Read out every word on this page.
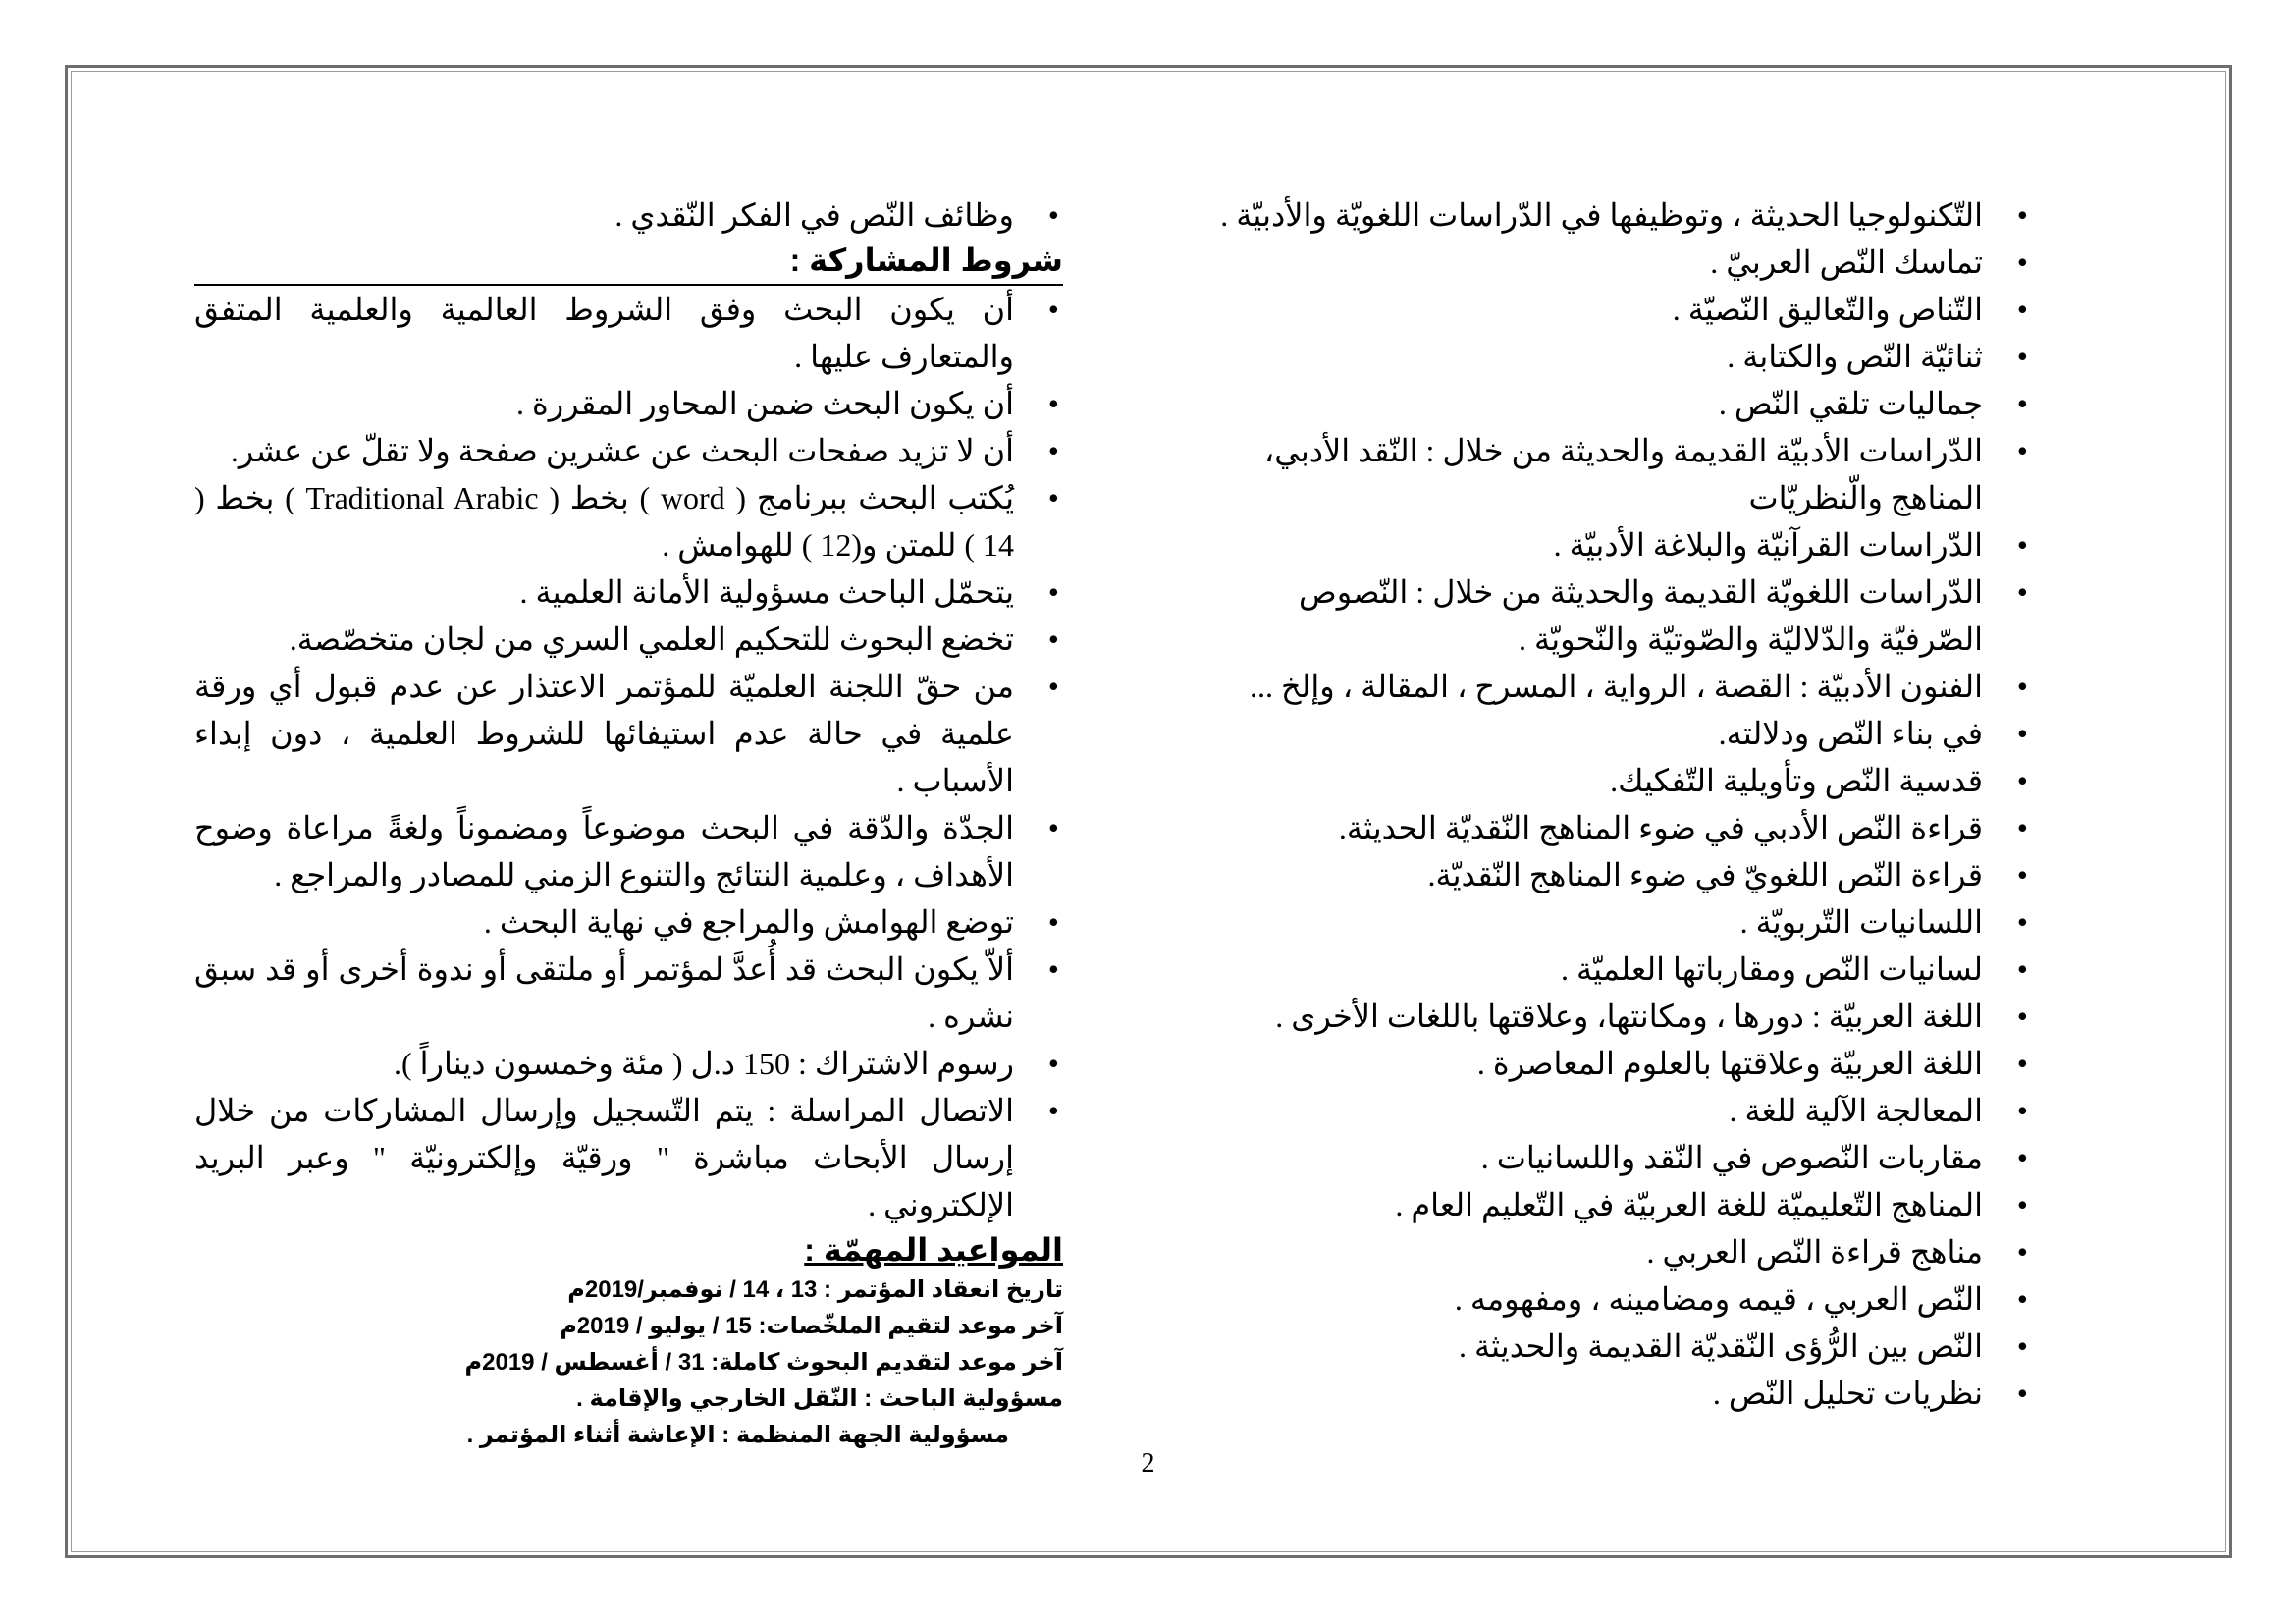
• التّكنولوجيا الحديثة ، وتوظيفها في الدّراسات اللغويّة والأدبيّة .
• تماسك النّص العربيّ .
• التّناص والتّعاليق النّصيّة .
• ثنائيّة النّص والكتابة .
• جماليات تلقي النّص .
• الدّراسات الأدبيّة القديمة والحديثة من خلال : النّقد الأدبي، المناهج والّنظريّات
• الدّراسات القرآنيّة والبلاغة الأدبيّة .
• الدّراسات اللغويّة القديمة والحديثة من خلال : النّصوص الصّرفيّة والدّلاليّة والصّوتيّة والنّحويّة .
• الفنون الأدبيّة : القصة ، الرواية ، المسرح ، المقالة ، وإلخ ...
• في بناء النّص ودلالته.
• قدسية النّص وتأويلية التّفكيك.
• قراءة النّص الأدبي في ضوء المناهج النّقديّة الحديثة.
• قراءة النّص اللغويّ في ضوء المناهج النّقديّة.
• اللسانيات التّربويّة .
• لسانيات النّص ومقارباتها العلميّة .
• اللغة العربيّة : دورها ، ومكانتها، وعلاقتها باللغات الأخرى .
• اللغة العربيّة وعلاقتها بالعلوم المعاصرة .
• المعالجة الآلية للغة .
• مقاربات النّصوص في النّقد واللسانيات .
• المناهج التّعليميّة للغة العربيّة في التّعليم العام .
• مناهج قراءة النّص العربي .
• النّص العربي ، قيمه ومضامينه ، ومفهومه .
• النّص بين الرُّؤى النّقديّة القديمة والحديثة .
• نظريات تحليل النّص .
• وظائف النّص في الفكر النّقدي .
شروط المشاركة :
• أن يكون البحث وفق الشروط العالمية والعلمية المتفق والمتعارف عليها .
• أن يكون البحث ضمن المحاور المقررة .
• أن لا تزيد صفحات البحث عن عشرين صفحة ولا تقلّ عن عشر.
• يُكتب البحث ببرنامج ( word ) بخط ( Traditional Arabic ) بخط ( 14 ) للمتن و(12 ) للهوامش .
• يتحمّل الباحث مسؤولية الأمانة العلمية .
• تخضع البحوث للتحكيم العلمي السري من لجان متخصّصة.
• من حقّ اللجنة العلميّة للمؤتمر الاعتذار عن عدم قبول أي ورقة علمية في حالة عدم استيفائها للشروط العلمية ، دون إبداء الأسباب .
• الجدّة والدّقة في البحث موضوعاً ومضموناً ولغةً مراعاة وضوح الأهداف ، وعلمية النتائج والتنوع الزمني للمصادر والمراجع .
• توضع الهوامش والمراجع في نهاية البحث .
• ألاّ يكون البحث قد أُعدَّ لمؤتمر أو ملتقى أو ندوة أخرى أو قد سبق نشره .
• رسوم الاشتراك : 150 د.ل ( مئة وخمسون ديناراً ).
• الاتصال المراسلة : يتم التّسجيل وإرسال المشاركات من خلال إرسال الأبحاث مباشرة " ورقيّة وإلكترونيّة " وعبر البريد الإلكتروني .
المواعيد المهمّة :
تاريخ انعقاد المؤتمر : 13 ، 14 / نوفمبر/2019م
آخر موعد لتقيم الملخّصات: 15 / يوليو / 2019م
آخر موعد لتقديم البحوث كاملة: 31 / أغسطس / 2019م
مسؤولية الباحث : النّقل الخارجي والإقامة .
مسؤولية الجهة المنظمة : الإعاشة أثناء المؤتمر .
2
